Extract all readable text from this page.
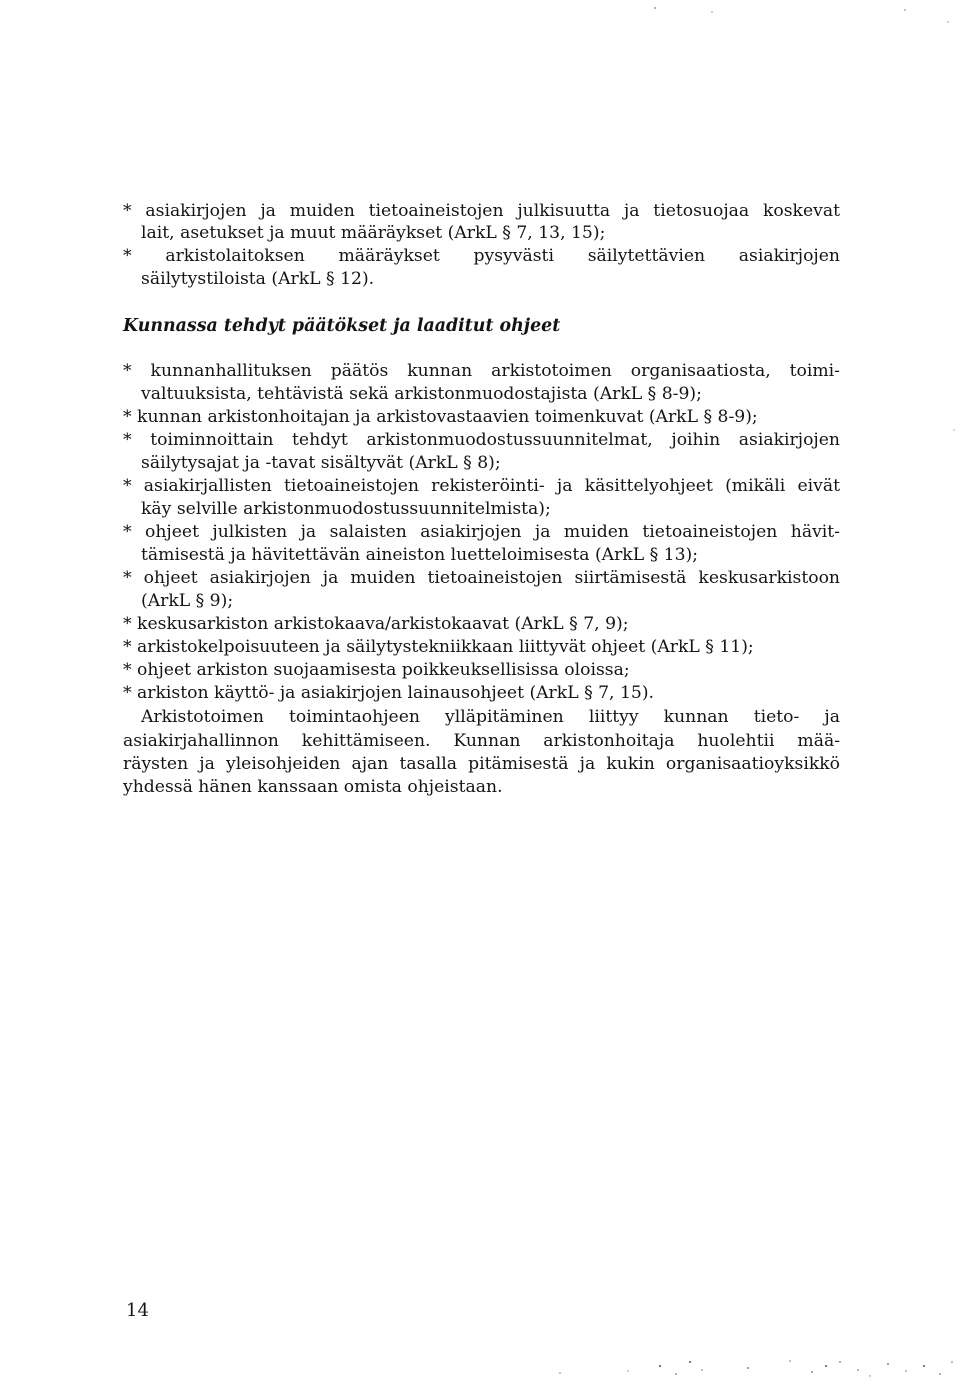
* asiakirjojen ja muiden tietoaineistojen julkisuutta ja tietosuojaa koskevat
lait, asetukset ja muut määräykset (ArkL § 7, 13, 15);
* arkistolaitoksen määräykset pysyvästi säilytettävien asiakirjojen
säilytystiloista (ArkL § 12).
Kunnassa tehdyt päätökset ja laaditut ohjeet
* kunnanhallituksen päätös kunnan arkistotoimen organisaatiosta, toimi-
valtuuksista, tehtävistä sekä arkistonmuodostajista (ArkL § 8-9);
* kunnan arkistonhoitajan ja arkistovastaavien toimenkuvat (ArkL § 8-9);
* toiminnoittain tehdyt arkistonmuodostussuunnitelmat, joihin asiakirjojen
säilytysajat ja -tavat sisältyvät (ArkL § 8);
* asiakirjallisten tietoaineistojen rekisteröinti- ja käsittelyohjeet (mikäli eivät
käy selville arkistonmuodostussuunnitelmista);
* ohjeet julkisten ja salaisten asiakirjojen ja muiden tietoaineistojen hävit-
tämisestä ja hävitettävän aineiston luetteloimisesta (ArkL § 13);
* ohjeet asiakirjojen ja muiden tietoaineistojen siirtämisestä keskusarkistoon
(ArkL § 9);
* keskusarkiston arkistokaava/arkistokaavat (ArkL § 7, 9);
* arkistokelpoisuuteen ja säilytystekniikkaan liittyvät ohjeet (ArkL § 11);
* ohjeet arkiston suojaamisesta poikkeuksellisissa oloissa;
* arkiston käyttö- ja asiakirjojen lainausohjeet (ArkL § 7, 15).
Arkistotoimen toimintaohjeen ylläpitäminen liittyy kunnan tieto- ja
asiakirjahallinnon kehittämiseen. Kunnan arkistonhoitaja huolehtii mää-
räysten ja yleisohjeiden ajan tasalla pitämisestä ja kukin organisaatioyksikkö
yhdessä hänen kanssaan omista ohjeistaan.
14
